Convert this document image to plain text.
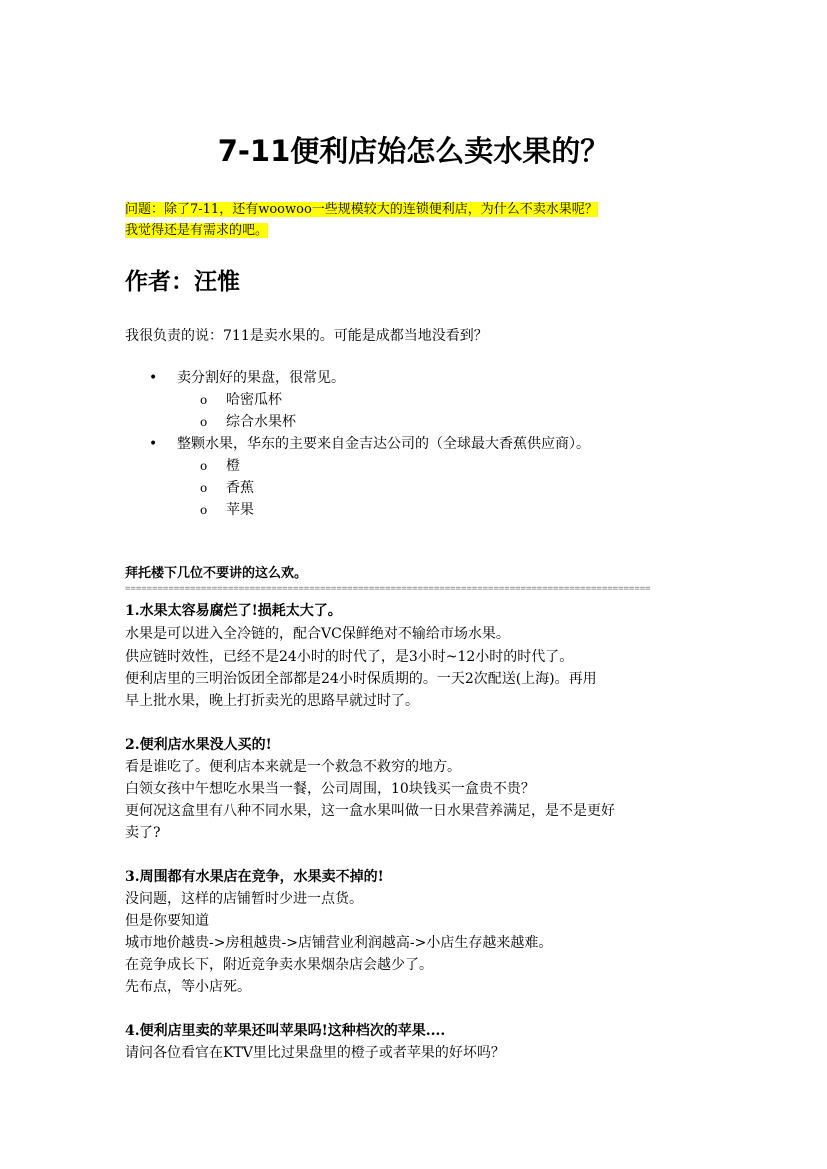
7-11便利店始怎么卖水果的？
问题：除了7-11，还有woowoo一些规模较大的连锁便利店，为什么不卖水果呢？
我觉得还是有需求的吧。
作者：汪惟
我很负责的说：711是卖水果的。可能是成都当地没看到？
• 卖分割好的果盘，很常见。
o 哈密瓜杯
o 综合水果杯
• 整颗水果，华东的主要来自金吉达公司的（全球最大香蕉供应商）。
o 橙
o 香蕉
o 苹果
拜托楼下几位不要讲的这么欢。
=================================================================================================
1.水果太容易腐烂了!损耗太大了。
水果是可以进入全冷链的，配合VC保鲜绝对不输给市场水果。
供应链时效性，已经不是24小时的时代了，是3小时~12小时的时代了。
便利店里的三明治饭团全部都是24小时保质期的。一天2次配送(上海)。再用
早上批水果，晚上打折卖光的思路早就过时了。
2.便利店水果没人买的!
看是谁吃了。便利店本来就是一个救急不救穷的地方。
白领女孩中午想吃水果当一餐，公司周围，10块钱买一盒贵不贵？
更何况这盒里有八种不同水果，这一盒水果叫做一日水果营养满足，是不是更好
卖了?
3.周围都有水果店在竞争，水果卖不掉的!
没问题，这样的店铺暂时少进一点货。
但是你要知道
城市地价越贵->房租越贵->店铺营业利润越高->小店生存越来越难。
在竞争成长下，附近竞争卖水果烟杂店会越少了。
先布点，等小店死。
4.便利店里卖的苹果还叫苹果吗!这种档次的苹果....
请问各位看官在KTV里比过果盘里的橙子或者苹果的好坏吗？
